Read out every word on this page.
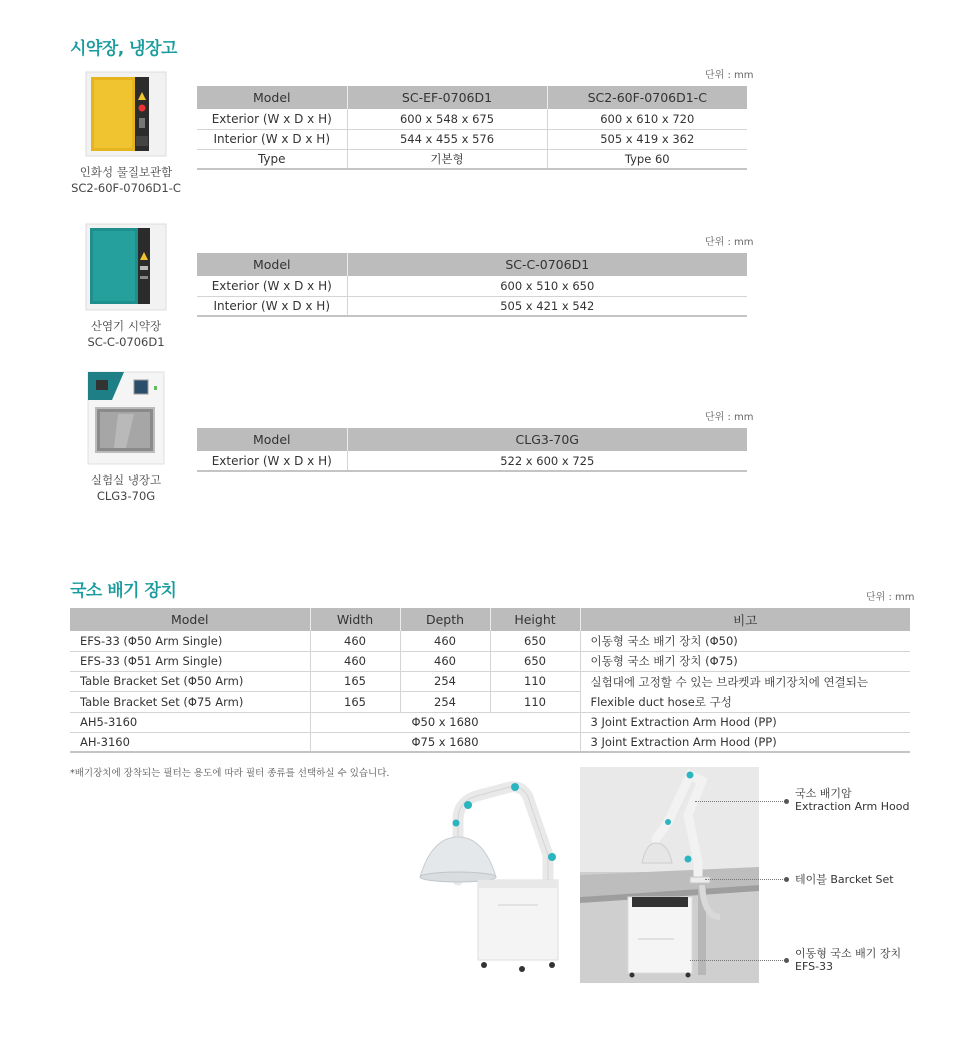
시약장, 냉장고
인화성 물질보관함
SC2-60F-0706D1-C
단위 : mm
Model	SC-EF-0706D1	SC2-60F-0706D1-C
Exterior (W x D x H)	600 x 548 x 675	600 x 610 x 720
Interior (W x D x H)	544 x 455 x 576	505 x 419 x 362
Type	기본형	Type 60
산염기 시약장
SC-C-0706D1
단위 : mm
Model	SC-C-0706D1
Exterior (W x D x H)	600 x 510 x 650
Interior (W x D x H)	505 x 421 x 542
실험실 냉장고
CLG3-70G
단위 : mm
Model	CLG3-70G
Exterior (W x D x H)	522 x 600 x 725
국소 배기 장치	단위 : mm
Model	Width	Depth	Height	비고
EFS-33 (Φ50 Arm Single)	460	460	650	이동형 국소 배기 장치 (Φ50)
EFS-33 (Φ51 Arm Single)	460	460	650	이동형 국소 배기 장치 (Φ75)
Table Bracket Set (Φ50 Arm)	165	254	110	실험대에 고정할 수 있는 브라켓과 배기장치에 연결되는
Flexible duct hose로 구성

Table Bracket Set (Φ75 Arm)	165	254	110	
AH5-3160	Φ50 x 1680			3 Joint Extraction Arm Hood (PP)
AH-3160	Φ75 x 1680			3 Joint Extraction Arm Hood (PP)
*배기장치에 장착되는 필터는 용도에 따라 필터 종류를 선택하실 수 있습니다.
국소 배기암
Extraction Arm Hood
테이블 Barcket Set
이동형 국소 배기 장치
EFS-33
